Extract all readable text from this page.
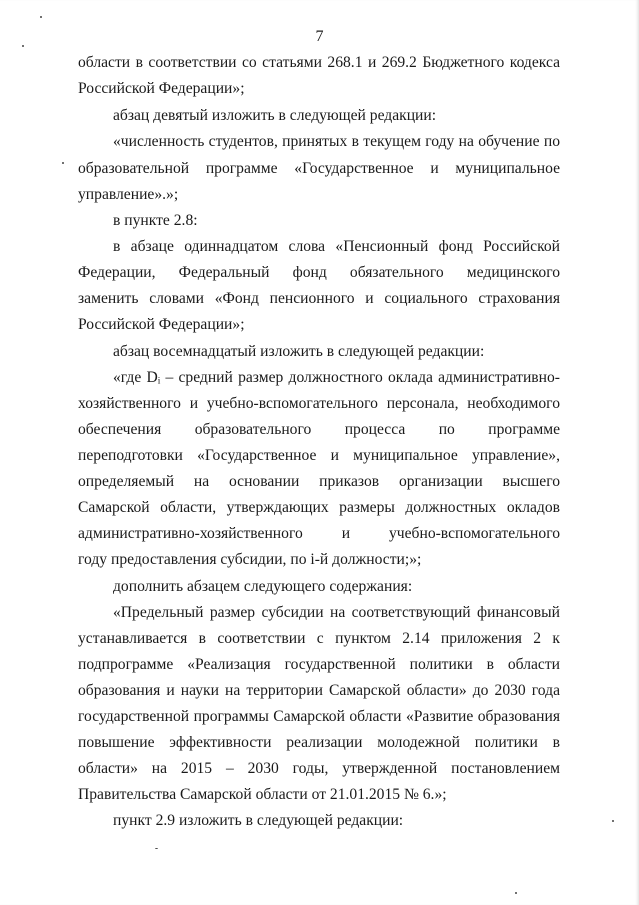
7
области в соответствии со статьями 268.1 и 269.2 Бюджетного кодекса
Российской Федерации»;
абзац девятый изложить в следующей редакции:
«численность студентов, принятых в текущем году на обучение по
образовательной программе «Государственное и муниципальное
управление».»;
в пункте 2.8:
в абзаце одиннадцатом слова «Пенсионный фонд Российской
Федерации, Федеральный фонд обязательного медицинского
заменить словами «Фонд пенсионного и социального страхования
Российской Федерации»;
абзац восемнадцатый изложить в следующей редакции:
«где Dᵢ – средний размер должностного оклада административно-
хозяйственного и учебно-вспомогательного персонала, необходимого
обеспечения образовательного процесса по программе
переподготовки «Государственное и муниципальное управление»,
определяемый на основании приказов организации высшего
Самарской области, утверждающих размеры должностных окладов
административно-хозяйственного и учебно-вспомогательного
году предоставления субсидии, по i-й должности;»;
дополнить абзацем следующего содержания:
«Предельный размер субсидии на соответствующий финансовый
устанавливается в соответствии с пунктом 2.14 приложения 2 к
подпрограмме «Реализация государственной политики в области
образования и науки на территории Самарской области» до 2030 года
государственной программы Самарской области «Развитие образования
повышение эффективности реализации молодежной политики в
области» на 2015 – 2030 годы, утвержденной постановлением
Правительства Самарской области от 21.01.2015 № 6.»;
пункт 2.9 изложить в следующей редакции:
